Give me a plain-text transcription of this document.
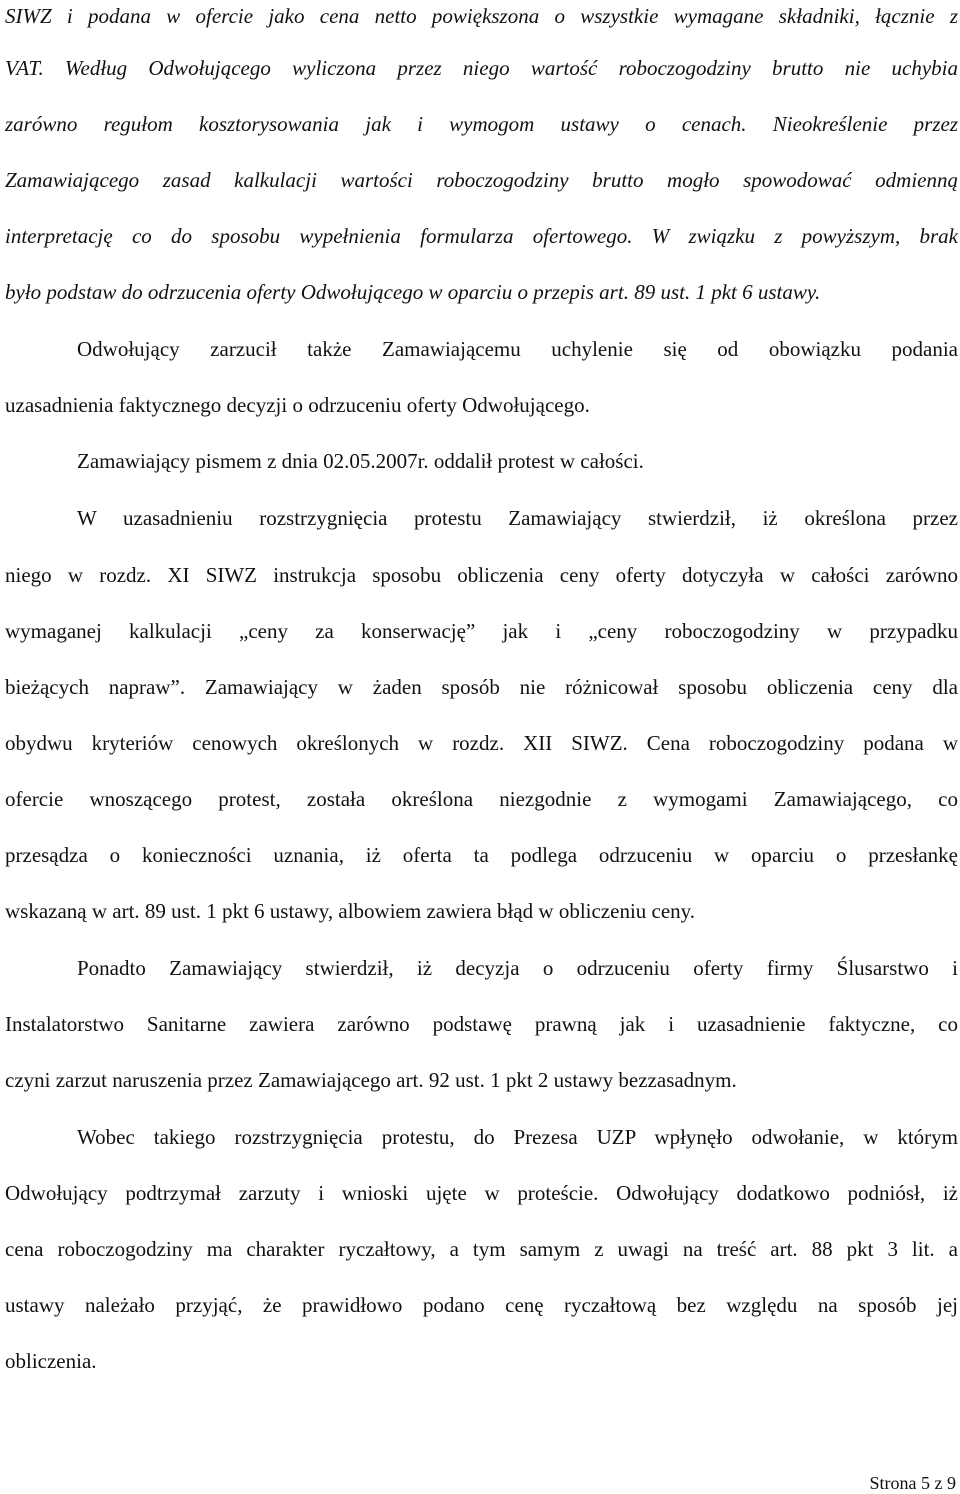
SIWZ i podana w ofercie jako cena netto powiększona o wszystkie wymagane składniki, łącznie z
VAT. Według Odwołującego wyliczona przez niego wartość roboczogodziny brutto nie uchybia
zarówno regułom kosztorysowania jak i wymogom ustawy o cenach. Nieokreślenie przez
Zamawiającego zasad kalkulacji wartości roboczogodziny brutto mogło spowodować odmienną
interpretację co do sposobu wypełnienia formularza ofertowego. W związku z powyższym, brak
było podstaw do odrzucenia oferty Odwołującego w oparciu o przepis art. 89 ust. 1 pkt 6 ustawy.
Odwołujący zarzucił także Zamawiającemu uchylenie się od obowiązku podania
uzasadnienia faktycznego decyzji o odrzuceniu oferty Odwołującego.
Zamawiający pismem z dnia 02.05.2007r. oddalił protest w całości.
W uzasadnieniu rozstrzygnięcia protestu Zamawiający stwierdził, iż określona przez
niego w rozdz. XI SIWZ instrukcja sposobu obliczenia ceny oferty dotyczyła w całości zarówno
wymaganej kalkulacji „ceny za konserwację” jak i „ceny roboczogodziny w przypadku
bieżących napraw”. Zamawiający w żaden sposób nie różnicował sposobu obliczenia ceny dla
obydwu kryteriów cenowych określonych w rozdz. XII SIWZ. Cena roboczogodziny podana w
ofercie wnoszącego protest, została określona niezgodnie z wymogami Zamawiającego, co
przesądza o konieczności uznania, iż oferta ta podlega odrzuceniu w oparciu o przesłankę
wskazaną w art. 89 ust. 1 pkt 6 ustawy, albowiem zawiera błąd w obliczeniu ceny.
Ponadto Zamawiający stwierdził, iż decyzja o odrzuceniu oferty firmy Ślusarstwo i
Instalatorstwo Sanitarne zawiera zarówno podstawę prawną jak i uzasadnienie faktyczne, co
czyni zarzut naruszenia przez Zamawiającego art. 92 ust. 1 pkt 2 ustawy bezzasadnym.
Wobec takiego rozstrzygnięcia protestu, do Prezesa UZP wpłynęło odwołanie, w którym
Odwołujący podtrzymał zarzuty i wnioski ujęte w proteście. Odwołujący dodatkowo podniósł, iż
cena roboczogodziny ma charakter ryczałtowy, a tym samym z uwagi na treść art. 88 pkt 3 lit. a
ustawy należało przyjąć, że prawidłowo podano cenę ryczałtową bez względu na sposób jej
obliczenia.
Strona 5 z 9
